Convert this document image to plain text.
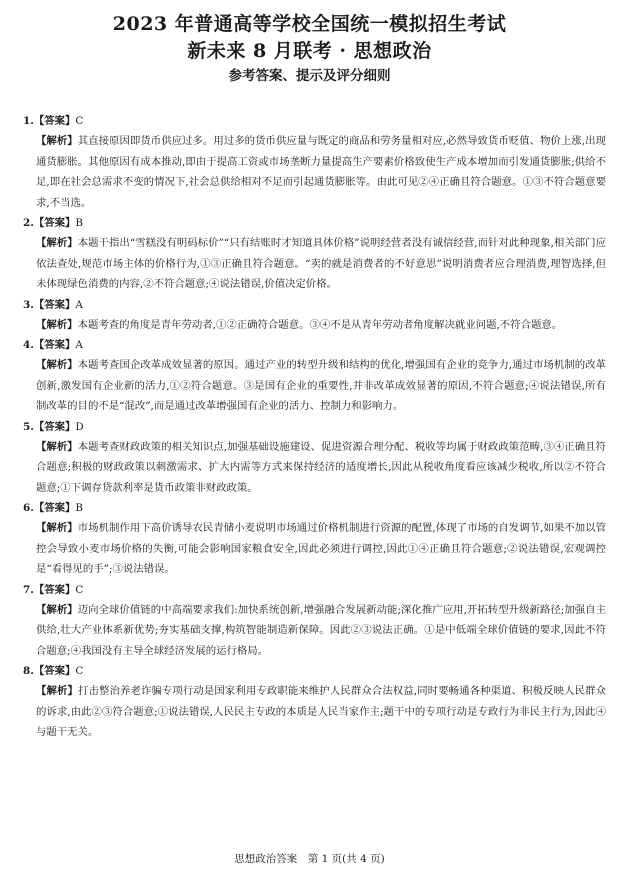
2023 年普通高等学校全国统一模拟招生考试
新未来 8 月联考 · 思想政治
参考答案、提示及评分细则
1.【答案】C
【解析】其直接原因即货币供应过多。用过多的货币供应量与既定的商品和劳务量相对应,必然导致货币贬值、物价上涨,出现通货膨胀。其他原因有成本推动,即由于提高工资或市场垄断力量提高生产要素价格致使生产成本增加而引发通货膨胀;供给不足,即在社会总需求不变的情况下,社会总供给相对不足而引起通货膨胀等。由此可见②④正确且符合题意。①③不符合题意要求,不当选。
2.【答案】B
【解析】本题干指出“雪糕没有明码标价”“只有结账时才知道具体价格”说明经营者没有诚信经营,而针对此种现象,相关部门应依法查处,规范市场主体的价格行为,①③正确且符合题意。“卖的就是消费者的不好意思”说明消费者应合理消费,理智选择,但未体现绿色消费的内容,②不符合题意;④说法错误,价值决定价格。
3.【答案】A
【解析】本题考查的角度是青年劳动者,①②正确符合题意。③④不是从青年劳动者角度解决就业问题,不符合题意。
4.【答案】A
【解析】本题考查国企改革成效显著的原因。通过产业的转型升级和结构的优化,增强国有企业的竞争力,通过市场机制的改革创新,激发国有企业新的活力,①②符合题意。③是国有企业的重要性,并非改革成效显著的原因,不符合题意;④说法错误,所有制改革的目的不是“混改”,而是通过改革增强国有企业的活力、控制力和影响力。
5.【答案】D
【解析】本题考查财政政策的相关知识点,加强基础设施建设、促进资源合理分配、税收等均属于财政政策范畴,③④正确且符合题意;积极的财政政策以刺激需求、扩大内需等方式来保持经济的适度增长,因此从税收角度看应该减少税收,所以②不符合题意;①下调存贷款利率是货币政策非财政政策。
6.【答案】B
【解析】市场机制作用下高价诱导农民青储小麦说明市场通过价格机制进行资源的配置,体现了市场的自发调节,如果不加以管控会导致小麦市场价格的失衡,可能会影响国家粮食安全,因此必须进行调控,因此①④正确且符合题意;②说法错误,宏观调控是“看得见的手”;③说法错误。
7.【答案】C
【解析】迈向全球价值链的中高端要求我们:加快系统创新,增强融合发展新动能;深化推广应用,开拓转型升级新路径;加强自主供给,壮大产业体系新优势;夯实基础支撑,构筑智能制造新保障。因此②③说法正确。①是中低端全球价值链的要求,因此不符合题意;④我国没有主导全球经济发展的运行格局。
8.【答案】C
【解析】打击整治养老诈骗专项行动是国家利用专政职能来维护人民群众合法权益,同时要畅通各种渠道、积极反映人民群众的诉求,由此②③符合题意;①说法错误,人民民主专政的本质是人民当家作主;题干中的专项行动是专政行为非民主行为,因此④与题干无关。
思想政治答案　第 1 页(共 4 页)
